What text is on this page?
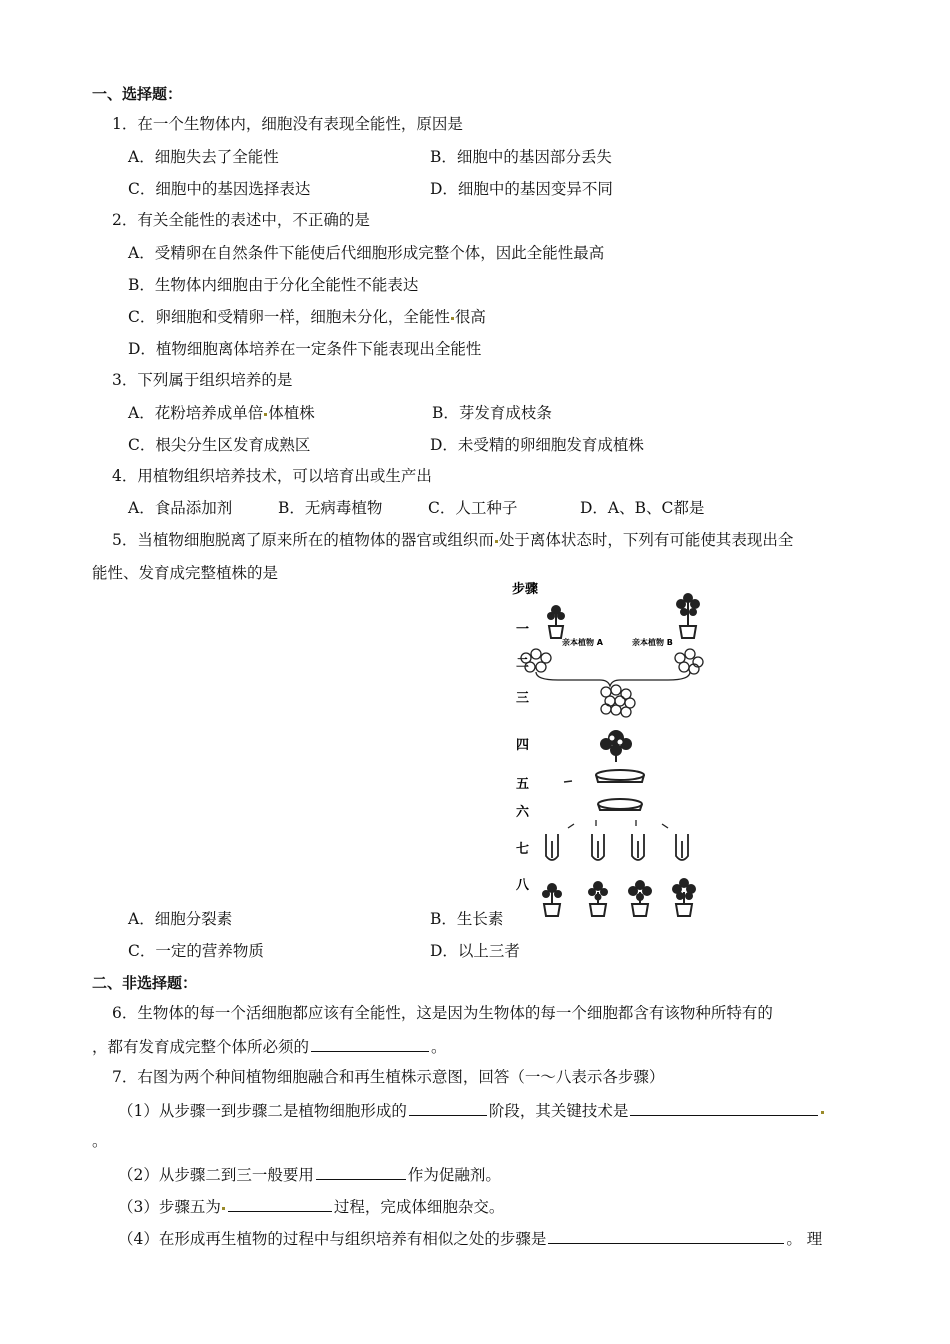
一、选择题：
1．在一个生物体内，细胞没有表现全能性，原因是
A．细胞失去了全能性	B．细胞中的基因部分丢失
C．细胞中的基因选择表达	D．细胞中的基因变异不同
2．有关全能性的表述中，不正确的是
A．受精卵在自然条件下能使后代细胞形成完整个体，因此全能性最高
B．生物体内细胞由于分化全能性不能表达
C．卵细胞和受精卵一样，细胞未分化，全能性 很高
D．植物细胞离体培养在一定条件下能表现出全能性
3．下列属于组织培养的是
A．花粉培养成单倍 体植株	B．芽发育成枝条
C．根尖分生区发育成熟区	D．未受精的卵细胞发育成植株
4．用植物组织培养技术，可以培育出或生产出
A．食品添加剂	B．无病毒植物	C．人工种子	D．A、B、C都是
5．当植物细胞脱离了原来所在的植物体的器官或组织而 处于离体状态时，下列有可能使其表现出全
能性、发育成完整植株的是
步骤
一
二
三
四
五
六
七
八
亲本植物 A	亲本植物 B
A．细胞分裂素	B．生长素
C．一定的营养物质	D．以上三者
二、非选择题：
6．生物体的每一个活细胞都应该有全能性，这是因为生物体的每一个细胞都含有该物种所特有的
，都有发育成完整个体所必须的	。
7．右图为两个种间植物细胞融合和再生植株示意图，回答（一～八表示各步骤）
（1）从步骤一到步骤二是植物细胞形成的	阶段，其关键技术是
。
（2）从步骤二到三一般要用	作为促融剂。
（3）步骤五为	过程，完成体细胞杂交。
（4）在形成再生植物的过程中与组织培养有相似之处的步骤是	。 理
